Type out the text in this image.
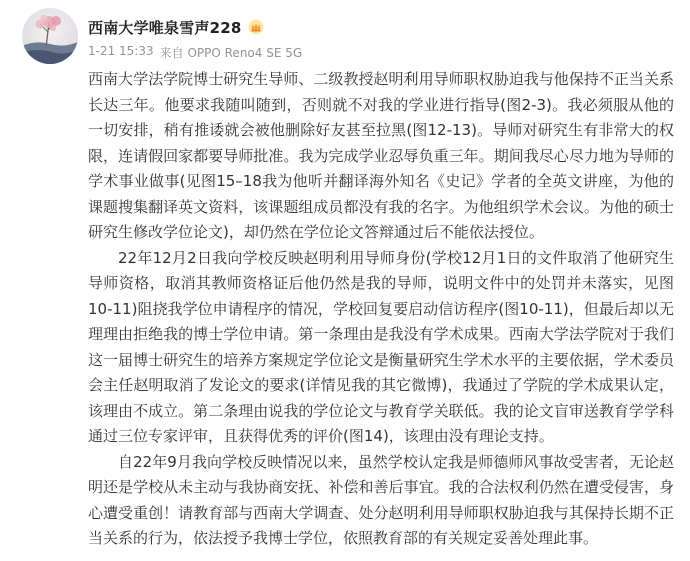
西南大学唯泉雪声228
1-21 15:33 来自 OPPO Reno4 SE 5G

西南大学法学院博士研究生导师、二级教授赵明利用导师职权胁迫我与他保持不正当关系长达三年。他要求我随叫随到，否则就不对我的学业进行指导(图2-3)。我必须服从他的一切安排，稍有推诿就会被他删除好友甚至拉黑(图12-13)。导师对研究生有非常大的权限，连请假回家都要导师批准。我为完成学业忍辱负重三年。期间我尽心尽力地为导师的学术事业做事(见图15–18我为他听并翻译海外知名《史记》学者的全英文讲座，为他的课题搜集翻译英文资料，该课题组成员都没有我的名字。为他组织学术会议。为他的硕士研究生修改学位论文)，却仍然在学位论文答辩通过后不能依法授位。

22年12月2日我向学校反映赵明利用导师身份(学校12月1日的文件取消了他研究生导师资格，取消其教师资格证后他仍然是我的导师，说明文件中的处罚并未落实，见图10-11)阻挠我学位申请程序的情况，学校回复要启动信访程序(图10-11)，但最后却以无理理由拒绝我的博士学位申请。第一条理由是我没有学术成果。西南大学法学院对于我们这一届博士研究生的培养方案规定学位论文是衡量研究生学术水平的主要依据，学术委员会主任赵明取消了发论文的要求(详情见我的其它微博)，我通过了学院的学术成果认定，该理由不成立。第二条理由说我的学位论文与教育学关联低。我的论文盲审送教育学学科通过三位专家评审，且获得优秀的评价(图14)，该理由没有理论支持。

自22年9月我向学校反映情况以来，虽然学校认定我是师德师风事故受害者，无论赵明还是学校从未主动与我协商安抚、补偿和善后事宜。我的合法权利仍然在遭受侵害，身心遭受重创！请教育部与西南大学调查、处分赵明利用导师职权胁迫我与其保持长期不正当关系的行为，依法授予我博士学位，依照教育部的有关规定妥善处理此事。
